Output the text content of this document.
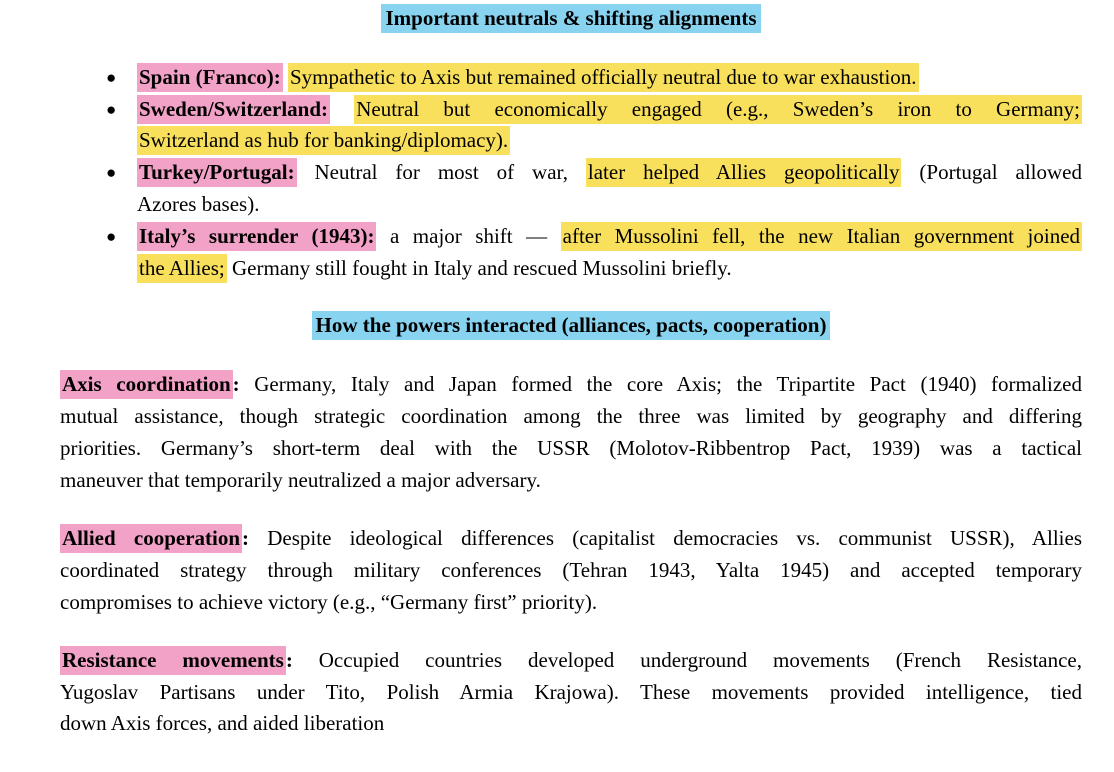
Important neutrals & shifting alignments
● Spain (Franco): Sympathetic to Axis but remained officially neutral due to war exhaustion.
● Sweden/Switzerland: Neutral but economically engaged (e.g., Sweden’s iron to Germany;
Switzerland as hub for banking/diplomacy).
● Turkey/Portugal: Neutral for most of war, later helped Allies geopolitically (Portugal allowed
Azores bases).
● Italy’s surrender (1943): a major shift — after Mussolini fell, the new Italian government joined
the Allies; Germany still fought in Italy and rescued Mussolini briefly.
How the powers interacted (alliances, pacts, cooperation)
Axis coordination: Germany, Italy and Japan formed the core Axis; the Tripartite Pact (1940) formalized
mutual assistance, though strategic coordination among the three was limited by geography and differing
priorities. Germany’s short-term deal with the USSR (Molotov-Ribbentrop Pact, 1939) was a tactical
maneuver that temporarily neutralized a major adversary.
Allied cooperation: Despite ideological differences (capitalist democracies vs. communist USSR), Allies
coordinated strategy through military conferences (Tehran 1943, Yalta 1945) and accepted temporary
compromises to achieve victory (e.g., “Germany first” priority).
Resistance movements: Occupied countries developed underground movements (French Resistance,
Yugoslav Partisans under Tito, Polish Armia Krajowa). These movements provided intelligence, tied
down Axis forces, and aided liberation
